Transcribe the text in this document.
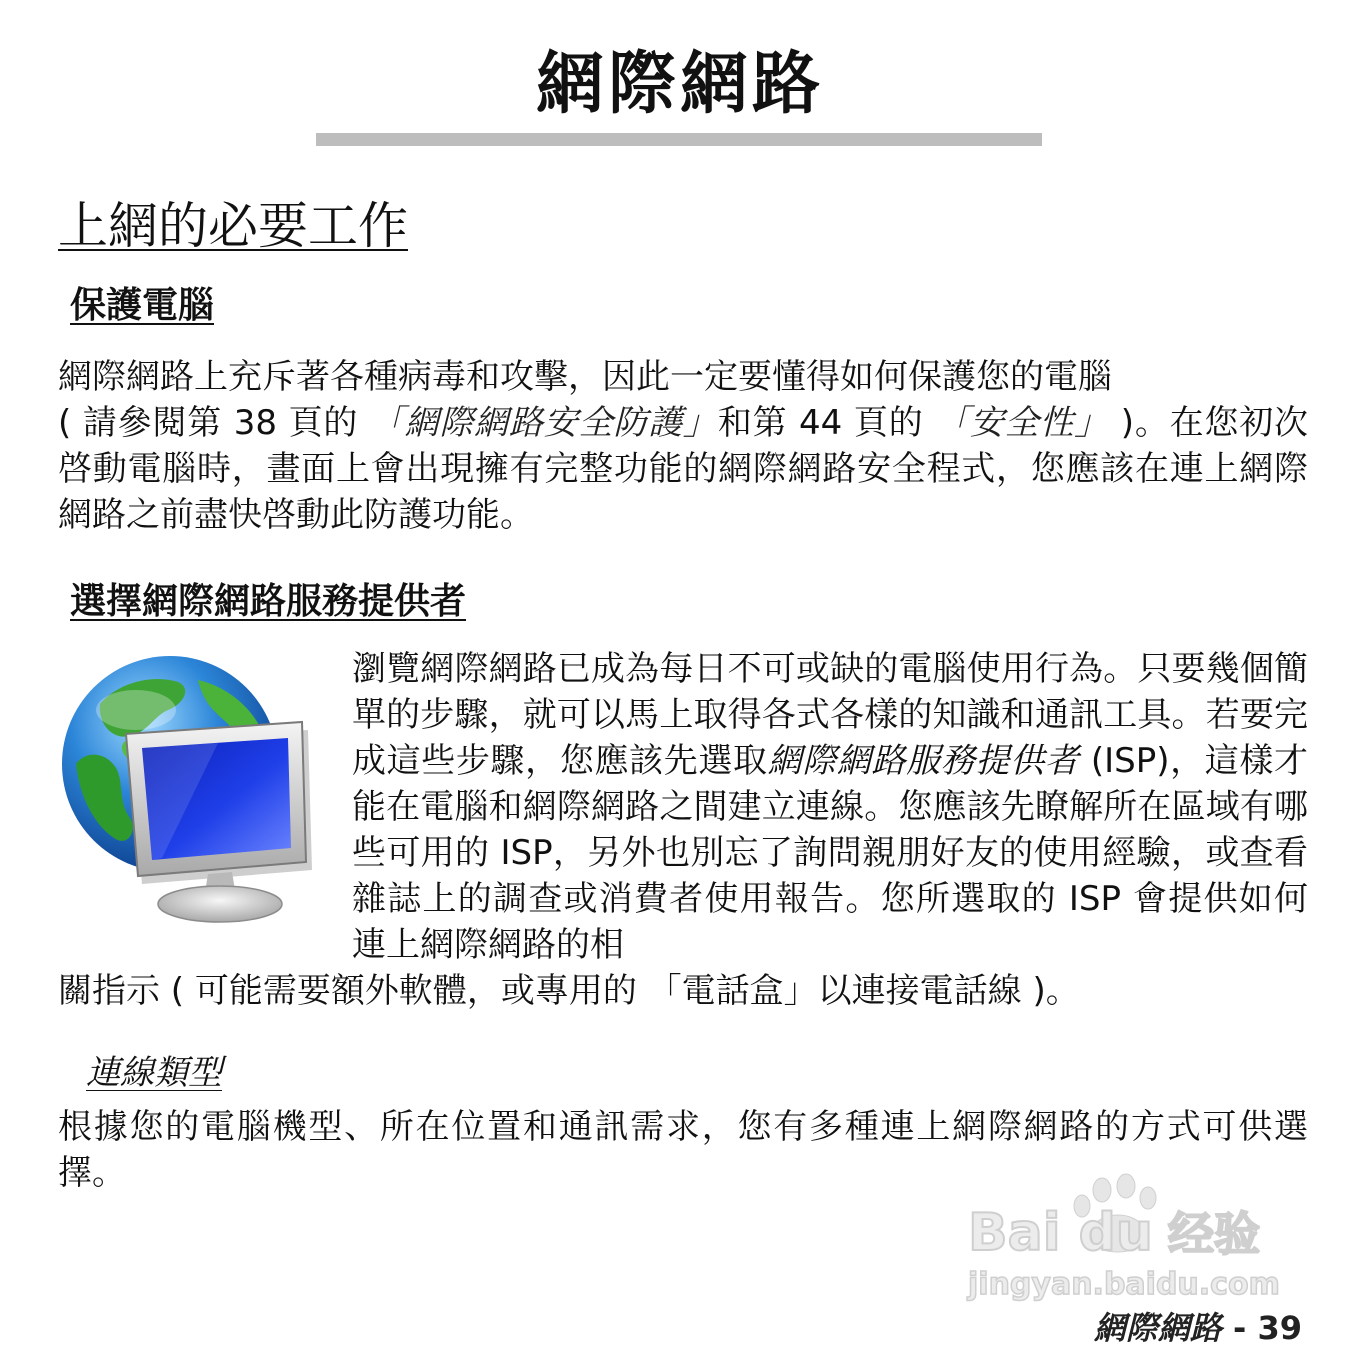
網際網路
上網的必要工作
保護電腦

網際網路上充斥著各種病毒和攻擊，因此一定要懂得如何保護您的電腦
( 請參閱第 38 頁的 「網際網路安全防護」和第 44 頁的 「安全性」 )。在您初次啓動電腦時，畫面上會出現擁有完整功能的網際網路安全程式，您應該在連上網際網路之前盡快啓動此防護功能。

選擇網際網路服務提供者

瀏覽網際網路已成為每日不可或缺的電腦使用行為。只要幾個簡單的步驟，就可以馬上取得各式各樣的知識和通訊工具。若要完成這些步驟，您應該先選取網際網路服務提供者 (ISP)，這樣才能在電腦和網際網路之間建立連線。您應該先瞭解所在區域有哪些可用的 ISP，另外也別忘了詢問親朋好友的使用經驗，或查看雜誌上的調查或消費者使用報告。您所選取的 ISP 會提供如何連上網際網路的相

關指示 ( 可能需要額外軟體，或專用的 「電話盒」以連接電話線 )。

連線類型

根據您的電腦機型、所在位置和通訊需求，您有多種連上網際網路的方式可供選擇。

Bai du 经验
jingyan.baidu.com

網際網路 - 39
